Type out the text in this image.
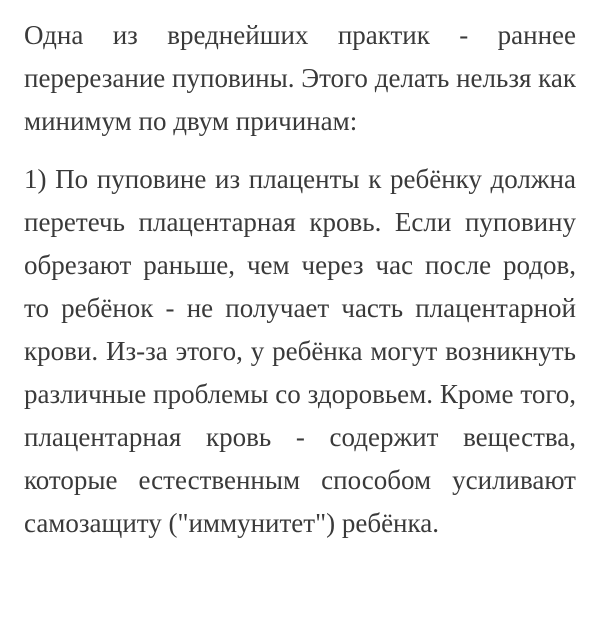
Одна из вреднейших практик - раннее перерезание пуповины. Этого делать нельзя как минимум по двум причинам:

1) По пуповине из плаценты к ребёнку должна перетечь плацентарная кровь. Если пуповину обрезают раньше, чем через час после родов, то ребёнок - не получает часть плацентарной крови. Из-за этого, у ребёнка могут возникнуть различные проблемы со здоровьем. Кроме того, плацентарная кровь - содержит вещества, которые естественным способом усиливают самозащиту ("иммунитет") ребёнка.
